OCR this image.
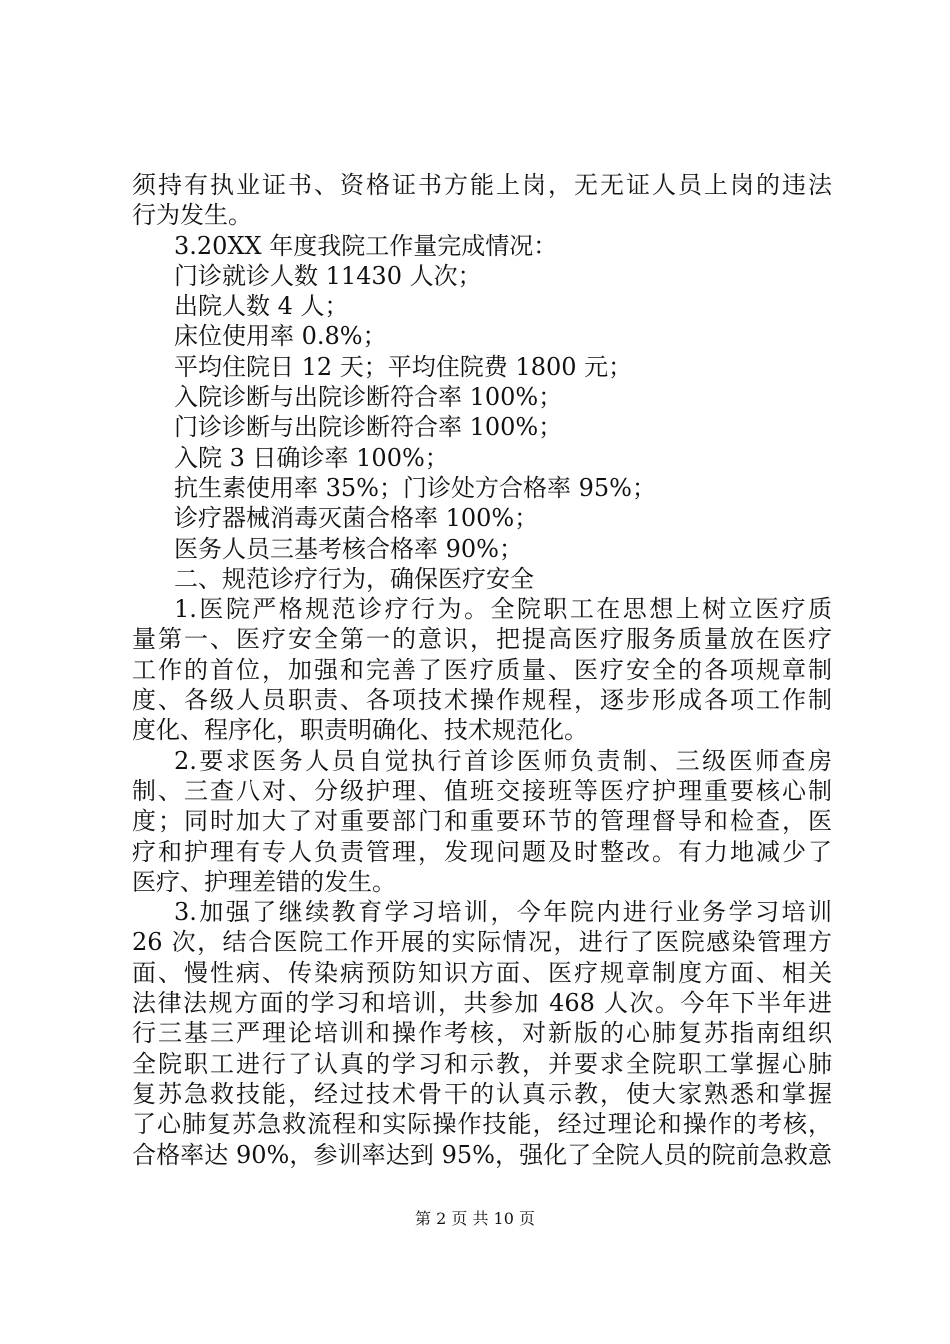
须持有执业证书、资格证书方能上岗，无无证人员上岗的违法
行为发生。
3.20XX 年度我院工作量完成情况：
门诊就诊人数 11430 人次；
出院人数 4 人；
床位使用率 0.8%；
平均住院日 12 天；平均住院费 1800 元；
入院诊断与出院诊断符合率 100%；
门诊诊断与出院诊断符合率 100%；
入院 3 日确诊率 100%；
抗生素使用率 35%；门诊处方合格率 95%；
诊疗器械消毒灭菌合格率 100%；
医务人员三基考核合格率 90%；
二、规范诊疗行为，确保医疗安全
1.医院严格规范诊疗行为。全院职工在思想上树立医疗质
量第一、医疗安全第一的意识，把提高医疗服务质量放在医疗
工作的首位，加强和完善了医疗质量、医疗安全的各项规章制
度、各级人员职责、各项技术操作规程，逐步形成各项工作制
度化、程序化，职责明确化、技术规范化。
2.要求医务人员自觉执行首诊医师负责制、三级医师查房
制、三查八对、分级护理、值班交接班等医疗护理重要核心制
度；同时加大了对重要部门和重要环节的管理督导和检查，医
疗和护理有专人负责管理，发现问题及时整改。有力地减少了
医疗、护理差错的发生。
3.加强了继续教育学习培训，今年院内进行业务学习培训
26 次，结合医院工作开展的实际情况，进行了医院感染管理方
面、慢性病、传染病预防知识方面、医疗规章制度方面、相关
法律法规方面的学习和培训，共参加 468 人次。今年下半年进
行三基三严理论培训和操作考核，对新版的心肺复苏指南组织
全院职工进行了认真的学习和示教，并要求全院职工掌握心肺
复苏急救技能，经过技术骨干的认真示教，使大家熟悉和掌握
了心肺复苏急救流程和实际操作技能，经过理论和操作的考核，
合格率达 90%，参训率达到 95%，强化了全院人员的院前急救意
第 2 页 共 10 页
